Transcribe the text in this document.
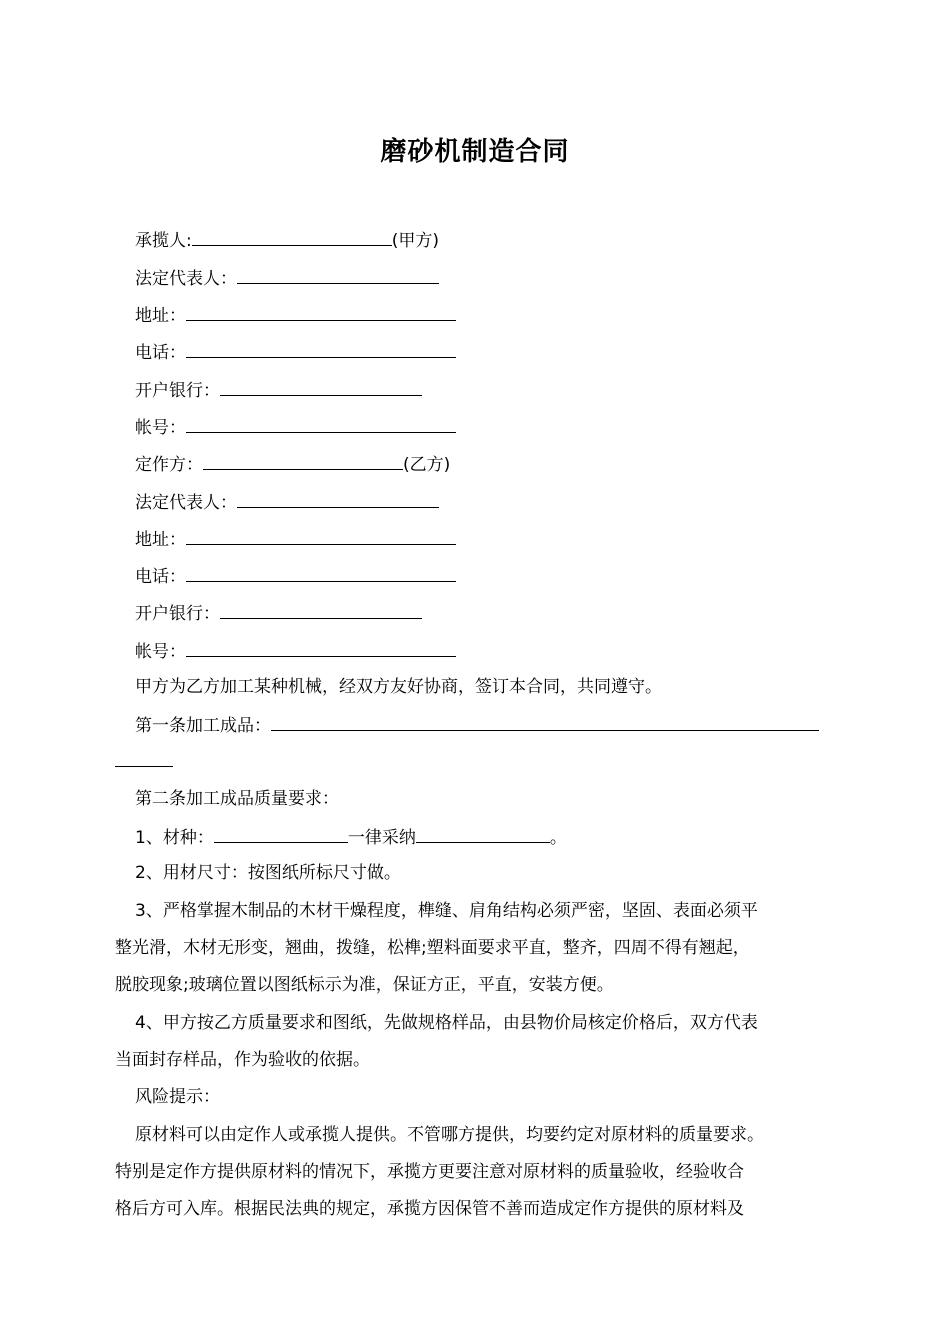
磨砂机制造合同
承揽人:	(甲方)
法定代表人：
地址：
电话：
开户银行：
帐号：
定作方：	(乙方)
法定代表人：
地址：
电话：
开户银行：
帐号：
甲方为乙方加工某种机械，经双方友好协商，签订本合同，共同遵守。
第一条加工成品：
第二条加工成品质量要求：
1、材种：	一律采纳	。
2、用材尺寸：按图纸所标尺寸做。
3、严格掌握木制品的木材干燥程度，榫缝、肩角结构必须严密，坚固、表面必须平
整光滑，木材无形变，翘曲，拨缝，松榫;塑料面要求平直，整齐，四周不得有翘起，
脱胶现象;玻璃位置以图纸标示为准，保证方正，平直，安装方便。
4、甲方按乙方质量要求和图纸，先做规格样品，由县物价局核定价格后，双方代表
当面封存样品，作为验收的依据。
风险提示：
原材料可以由定作人或承揽人提供。不管哪方提供，均要约定对原材料的质量要求。
特别是定作方提供原材料的情况下，承揽方更要注意对原材料的质量验收，经验收合
格后方可入库。根据民法典的规定，承揽方因保管不善而造成定作方提供的原材料及
